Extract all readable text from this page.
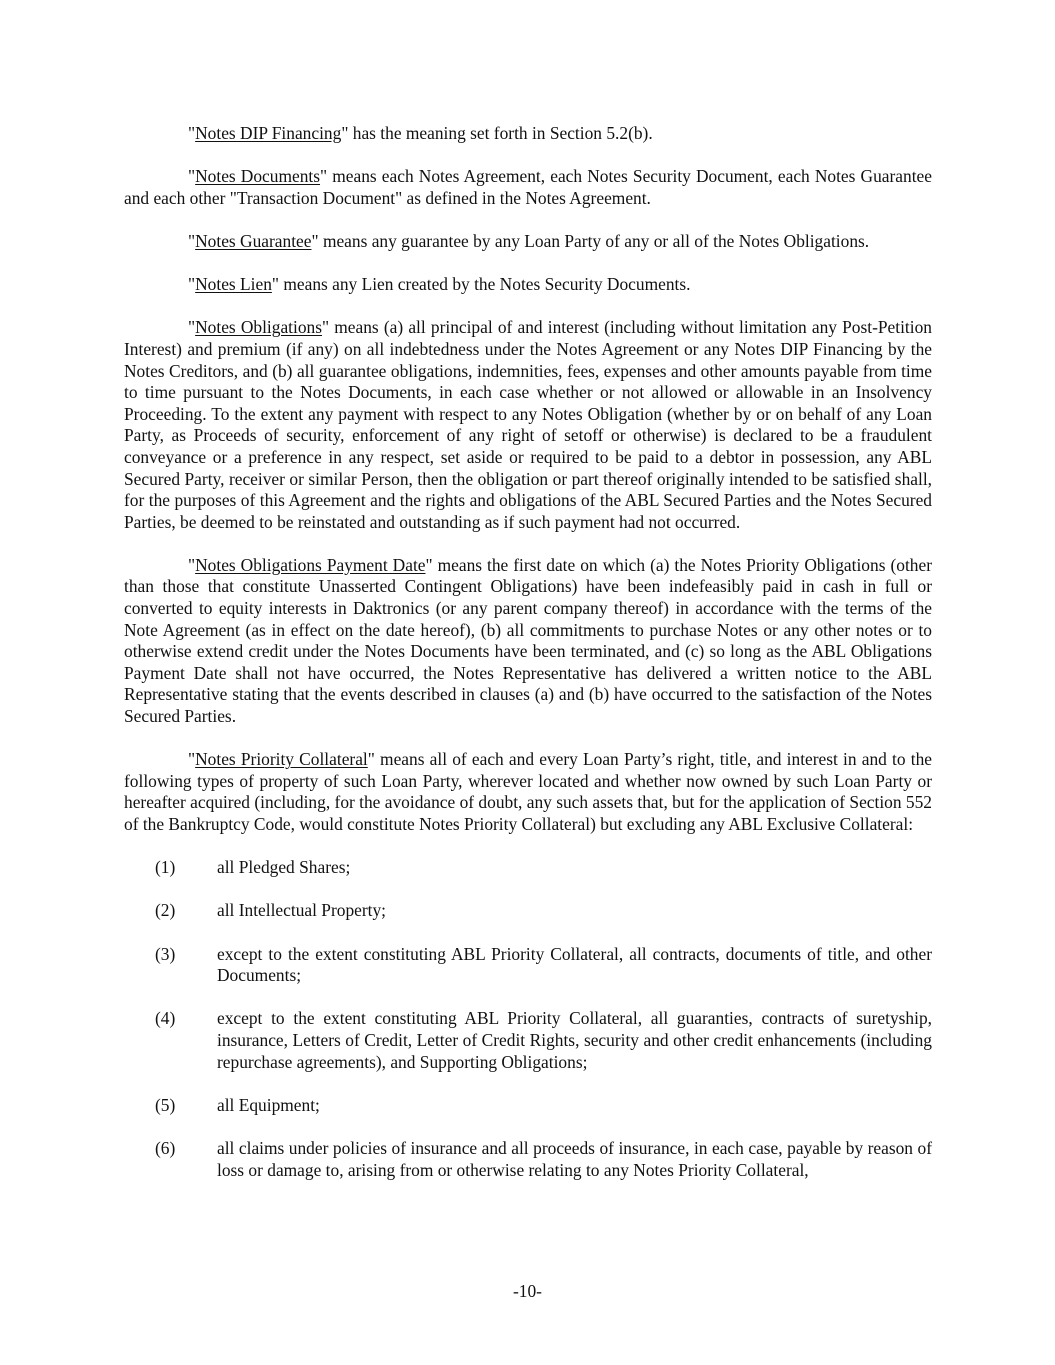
"Notes DIP Financing" has the meaning set forth in Section 5.2(b).

"Notes Documents" means each Notes Agreement, each Notes Security Document, each Notes Guarantee and each other "Transaction Document" as defined in the Notes Agreement.

"Notes Guarantee" means any guarantee by any Loan Party of any or all of the Notes Obligations.

"Notes Lien" means any Lien created by the Notes Security Documents.

"Notes Obligations" means (a) all principal of and interest (including without limitation any Post-Petition Interest) and premium (if any) on all indebtedness under the Notes Agreement or any Notes DIP Financing by the Notes Creditors, and (b) all guarantee obligations, indemnities, fees, expenses and other amounts payable from time to time pursuant to the Notes Documents, in each case whether or not allowed or allowable in an Insolvency Proceeding. To the extent any payment with respect to any Notes Obligation (whether by or on behalf of any Loan Party, as Proceeds of security, enforcement of any right of setoff or otherwise) is declared to be a fraudulent conveyance or a preference in any respect, set aside or required to be paid to a debtor in possession, any ABL Secured Party, receiver or similar Person, then the obligation or part thereof originally intended to be satisfied shall, for the purposes of this Agreement and the rights and obligations of the ABL Secured Parties and the Notes Secured Parties, be deemed to be reinstated and outstanding as if such payment had not occurred.

"Notes Obligations Payment Date" means the first date on which (a) the Notes Priority Obligations (other than those that constitute Unasserted Contingent Obligations) have been indefeasibly paid in cash in full or converted to equity interests in Daktronics (or any parent company thereof) in accordance with the terms of the Note Agreement (as in effect on the date hereof), (b) all commitments to purchase Notes or any other notes or to otherwise extend credit under the Notes Documents have been terminated, and (c) so long as the ABL Obligations Payment Date shall not have occurred, the Notes Representative has delivered a written notice to the ABL Representative stating that the events described in clauses (a) and (b) have occurred to the satisfaction of the Notes Secured Parties.

"Notes Priority Collateral" means all of each and every Loan Party’s right, title, and interest in and to the following types of property of such Loan Party, wherever located and whether now owned by such Loan Party or hereafter acquired (including, for the avoidance of doubt, any such assets that, but for the application of Section 552 of the Bankruptcy Code, would constitute Notes Priority Collateral) but excluding any ABL Exclusive Collateral:

(1) all Pledged Shares;
(2) all Intellectual Property;
(3) except to the extent constituting ABL Priority Collateral, all contracts, documents of title, and other Documents;
(4) except to the extent constituting ABL Priority Collateral, all guaranties, contracts of suretyship, insurance, Letters of Credit, Letter of Credit Rights, security and other credit enhancements (including repurchase agreements), and Supporting Obligations;
(5) all Equipment;
(6) all claims under policies of insurance and all proceeds of insurance, in each case, payable by reason of loss or damage to, arising from or otherwise relating to any Notes Priority Collateral,
-10-
